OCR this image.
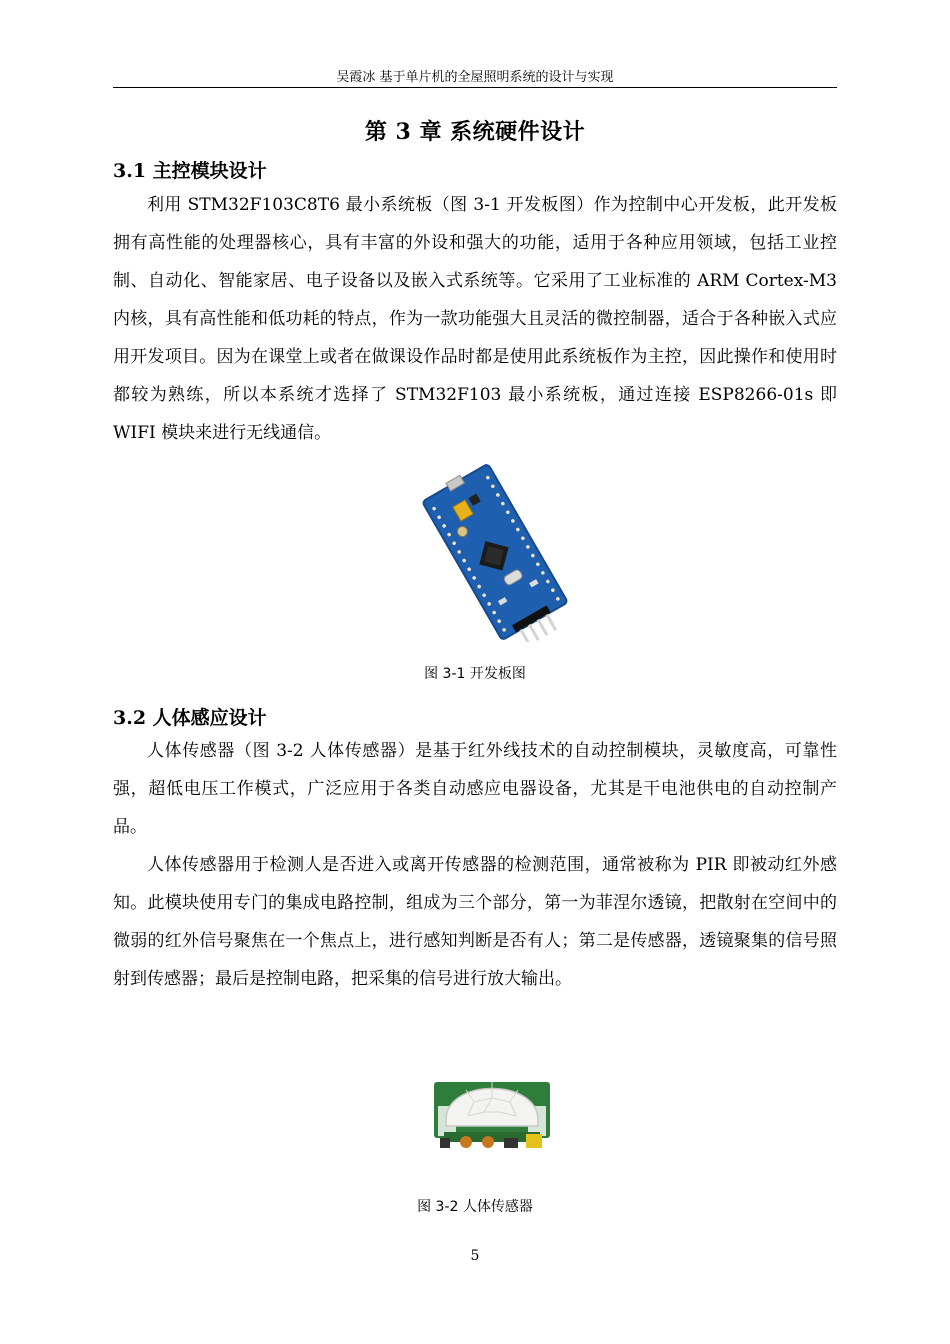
吴霞冰 基于单片机的全屋照明系统的设计与实现
第 3 章 系统硬件设计
3.1 主控模块设计

利用 STM32F103C8T6 最小系统板（图 3-1 开发板图）作为控制中心开发板，此开发板拥有高性能的处理器核心，具有丰富的外设和强大的功能，适用于各种应用领域，包括工业控制、自动化、智能家居、电子设备以及嵌入式系统等。它采用了工业标准的 ARM Cortex-M3 内核，具有高性能和低功耗的特点，作为一款功能强大且灵活的微控制器，适合于各种嵌入式应用开发项目。因为在课堂上或者在做课设作品时都是使用此系统板作为主控，因此操作和使用时都较为熟练，所以本系统才选择了 STM32F103 最小系统板，通过连接 ESP8266-01s 即 WIFI 模块来进行无线通信。

图 3-1 开发板图
3.2 人体感应设计

人体传感器（图 3-2 人体传感器）是基于红外线技术的自动控制模块，灵敏度高，可靠性强，超低电压工作模式，广泛应用于各类自动感应电器设备，尤其是干电池供电的自动控制产品。

人体传感器用于检测人是否进入或离开传感器的检测范围，通常被称为 PIR 即被动红外感知。此模块使用专门的集成电路控制，组成为三个部分，第一为菲涅尔透镜，把散射在空间中的微弱的红外信号聚焦在一个焦点上，进行感知判断是否有人；第二是传感器，透镜聚集的信号照射到传感器；最后是控制电路，把采集的信号进行放大输出。

图 3-2 人体传感器
5
